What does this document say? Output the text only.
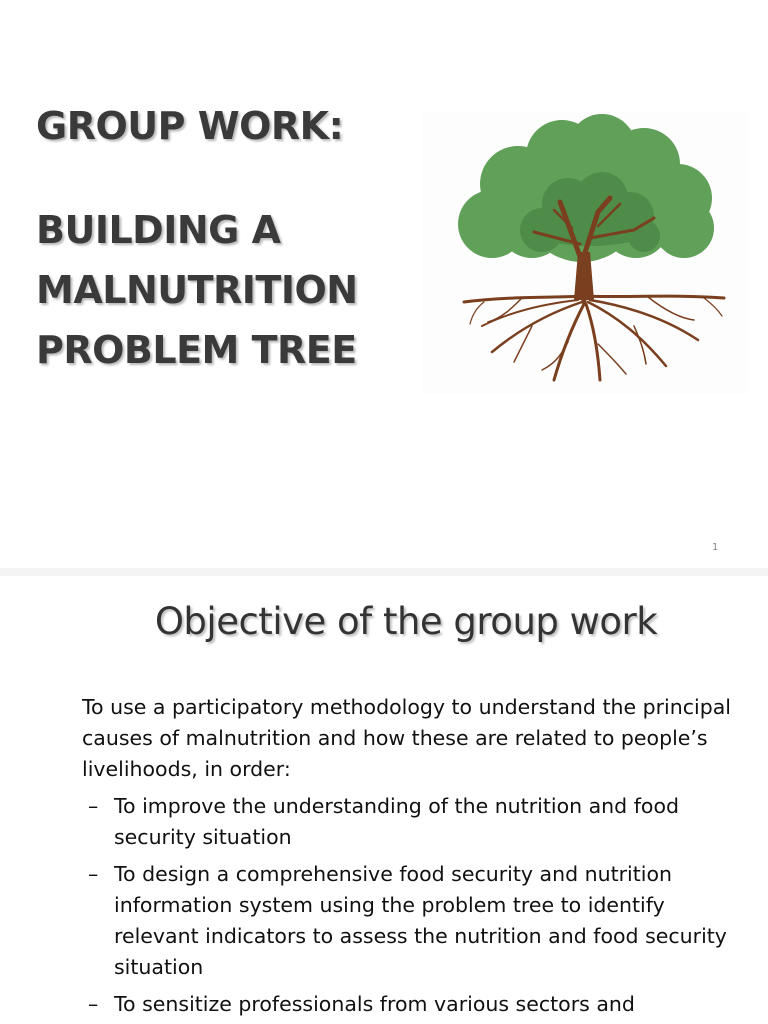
GROUP WORK:
BUILDING A
MALNUTRITION
PROBLEM TREE
1
Objective of the group work

To use a participatory methodology to understand the principal causes of malnutrition and how these are related to people’s livelihoods, in order:

– To improve the understanding of the nutrition and food security situation
– To design a comprehensive food security and nutrition information system using the problem tree to identify relevant indicators to assess the nutrition and food security situation
– To sensitize professionals from various sectors and
